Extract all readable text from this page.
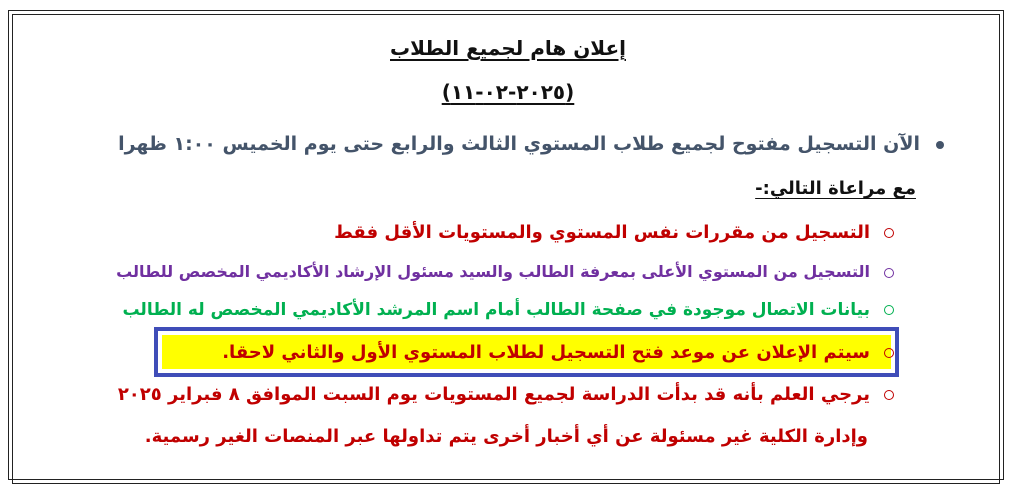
إعلان هام لجميع الطلاب
(٢٠٢٥-٠٢-١١)
الآن التسجيل مفتوح لجميع طلاب المستوي الثالث والرابع حتى يوم الخميس ١:٠٠ ظهرا
مع مراعاة التالي:-
التسجيل من مقررات نفس المستوي والمستويات الأقل فقط
التسجيل من المستوي الأعلى بمعرفة الطالب والسيد مسئول الإرشاد الأكاديمي المخصص للطالب
بيانات الاتصال موجودة في صفحة الطالب أمام اسم المرشد الأكاديمي المخصص له الطالب
سيتم الإعلان عن موعد فتح التسجيل لطلاب المستوي الأول والثاني لاحقا.
يرجي العلم بأنه قد بدأت الدراسة لجميع المستويات يوم السبت الموافق ٨ فبراير ٢٠٢٥
وإدارة الكلية غير مسئولة عن أي أخبار أخرى يتم تداولها عبر المنصات الغير رسمية.
